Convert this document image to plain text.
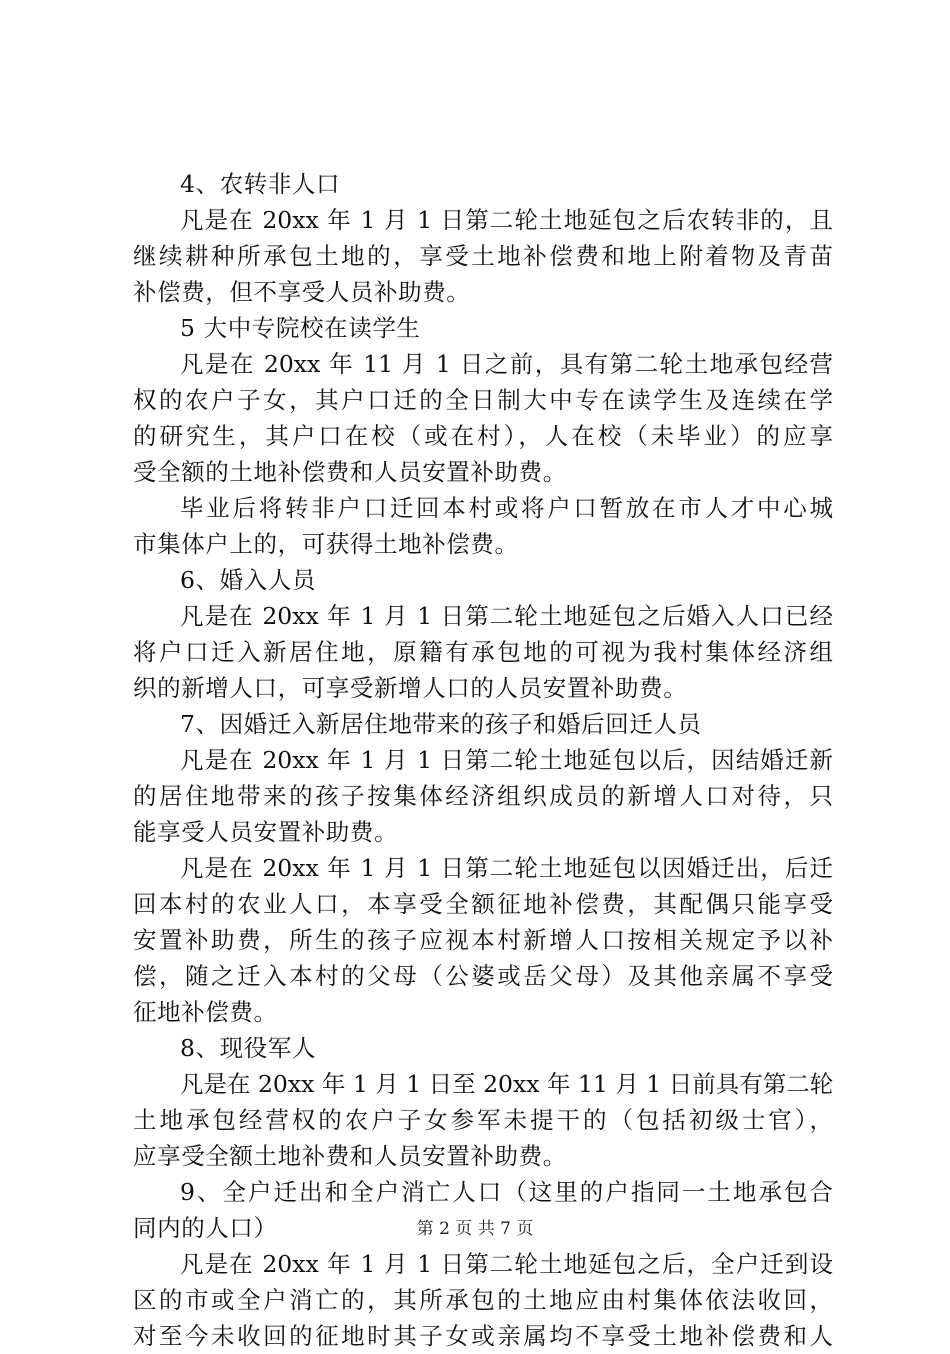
4、农转非人口
凡是在 20xx 年 1 月 1 日第二轮土地延包之后农转非的，且
继续耕种所承包土地的，享受土地补偿费和地上附着物及青苗
补偿费，但不享受人员补助费。
5 大中专院校在读学生
凡是在 20xx 年 11 月 1 日之前，具有第二轮土地承包经营
权的农户子女，其户口迁的全日制大中专在读学生及连续在学
的研究生，其户口在校（或在村），人在校（未毕业）的应享
受全额的土地补偿费和人员安置补助费。
毕业后将转非户口迁回本村或将户口暂放在市人才中心城
市集体户上的，可获得土地补偿费。
6、婚入人员
凡是在 20xx 年 1 月 1 日第二轮土地延包之后婚入人口已经
将户口迁入新居住地，原籍有承包地的可视为我村集体经济组
织的新增人口，可享受新增人口的人员安置补助费。
7、因婚迁入新居住地带来的孩子和婚后回迁人员
凡是在 20xx 年 1 月 1 日第二轮土地延包以后，因结婚迁新
的居住地带来的孩子按集体经济组织成员的新增人口对待，只
能享受人员安置补助费。
凡是在 20xx 年 1 月 1 日第二轮土地延包以因婚迁出，后迁
回本村的农业人口，本享受全额征地补偿费，其配偶只能享受
安置补助费，所生的孩子应视本村新增人口按相关规定予以补
偿，随之迁入本村的父母（公婆或岳父母）及其他亲属不享受
征地补偿费。
8、现役军人
凡是在 20xx 年 1 月 1 日至 20xx 年 11 月 1 日前具有第二轮
土地承包经营权的农户子女参军未提干的（包括初级士官），
应享受全额土地补费和人员安置补助费。
9、全户迁出和全户消亡人口（这里的户指同一土地承包合
同内的人口）
凡是在 20xx 年 1 月 1 日第二轮土地延包之后，全户迁到设
区的市或全户消亡的，其所承包的土地应由村集体依法收回，
对至今未收回的征地时其子女或亲属均不享受土地补偿费和人
第 2 页 共 7 页
